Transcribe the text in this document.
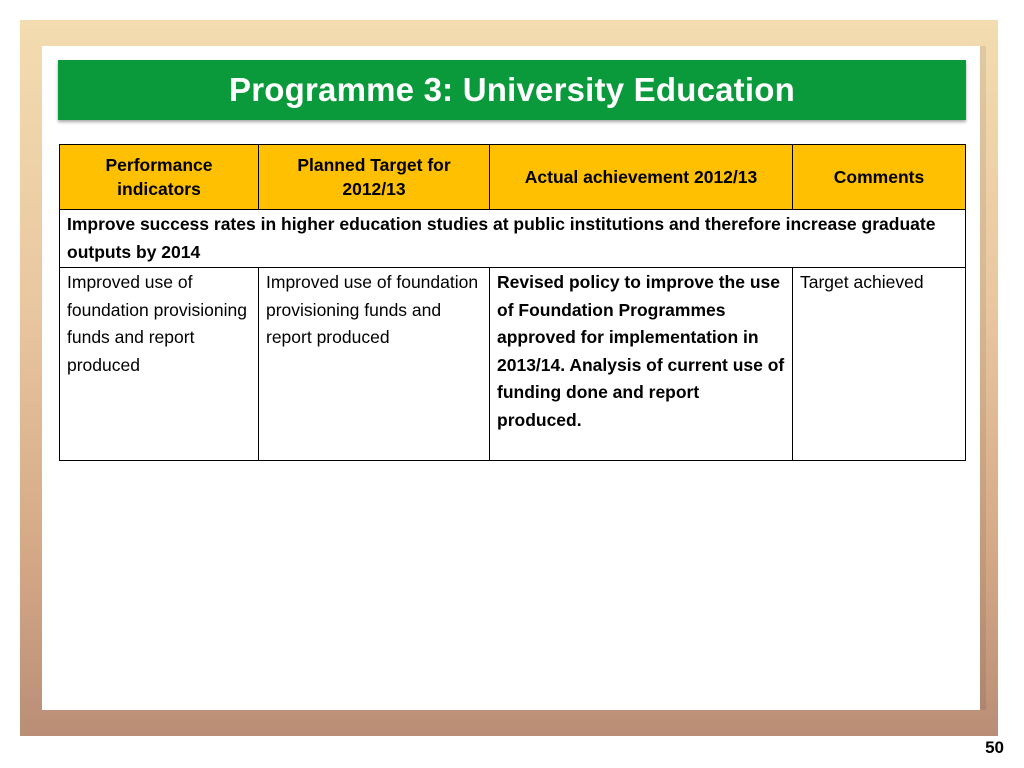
Programme 3: University Education
Performance indicators	Planned Target for 2012/13	Actual achievement 2012/13	Comments
Improve success rates in higher education studies at public institutions and therefore increase graduate outputs by 2014			
Improved use of foundation provisioning funds and report produced	Improved use of foundation provisioning funds and report produced	Revised policy to improve the use of Foundation Programmes approved for implementation in 2013/14. Analysis of current use of funding done and report produced.	Target achieved
50
